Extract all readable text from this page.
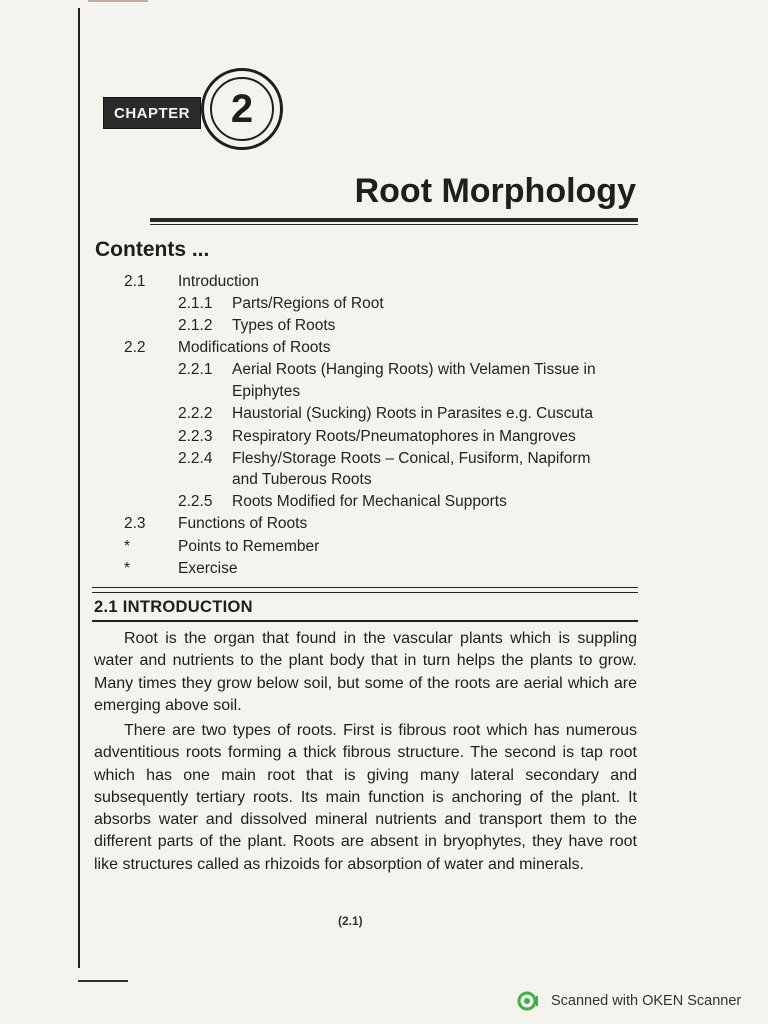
CHAPTER	2
Root Morphology
Contents ...
2.1 Introduction
2.1.1 Parts/Regions of Root
2.1.2 Types of Roots
2.2 Modifications of Roots
2.2.1 Aerial Roots (Hanging Roots) with Velamen Tissue in
Epiphytes
2.2.2 Haustorial (Sucking) Roots in Parasites e.g. Cuscuta
2.2.3 Respiratory Roots/Pneumatophores in Mangroves
2.2.4 Fleshy/Storage Roots – Conical, Fusiform, Napiform
and Tuberous Roots
2.2.5 Roots Modified for Mechanical Supports
2.3 Functions of Roots
*	Points to Remember
*	Exercise
2.1 INTRODUCTION

Root is the organ that found in the vascular plants which is suppling water and nutrients to the plant body that in turn helps the plants to grow. Many times they grow below soil, but some of the roots are aerial which are emerging above soil.

There are two types of roots. First is fibrous root which has numerous adventitious roots forming a thick fibrous structure. The second is tap root which has one main root that is giving many lateral secondary and subsequently tertiary roots. Its main function is anchoring of the plant. It absorbs water and dissolved mineral nutrients and transport them to the different parts of the plant. Roots are absent in bryophytes, they have root like structures called as rhizoids for absorption of water and minerals.

(2.1)
Scanned with OKEN Scanner
